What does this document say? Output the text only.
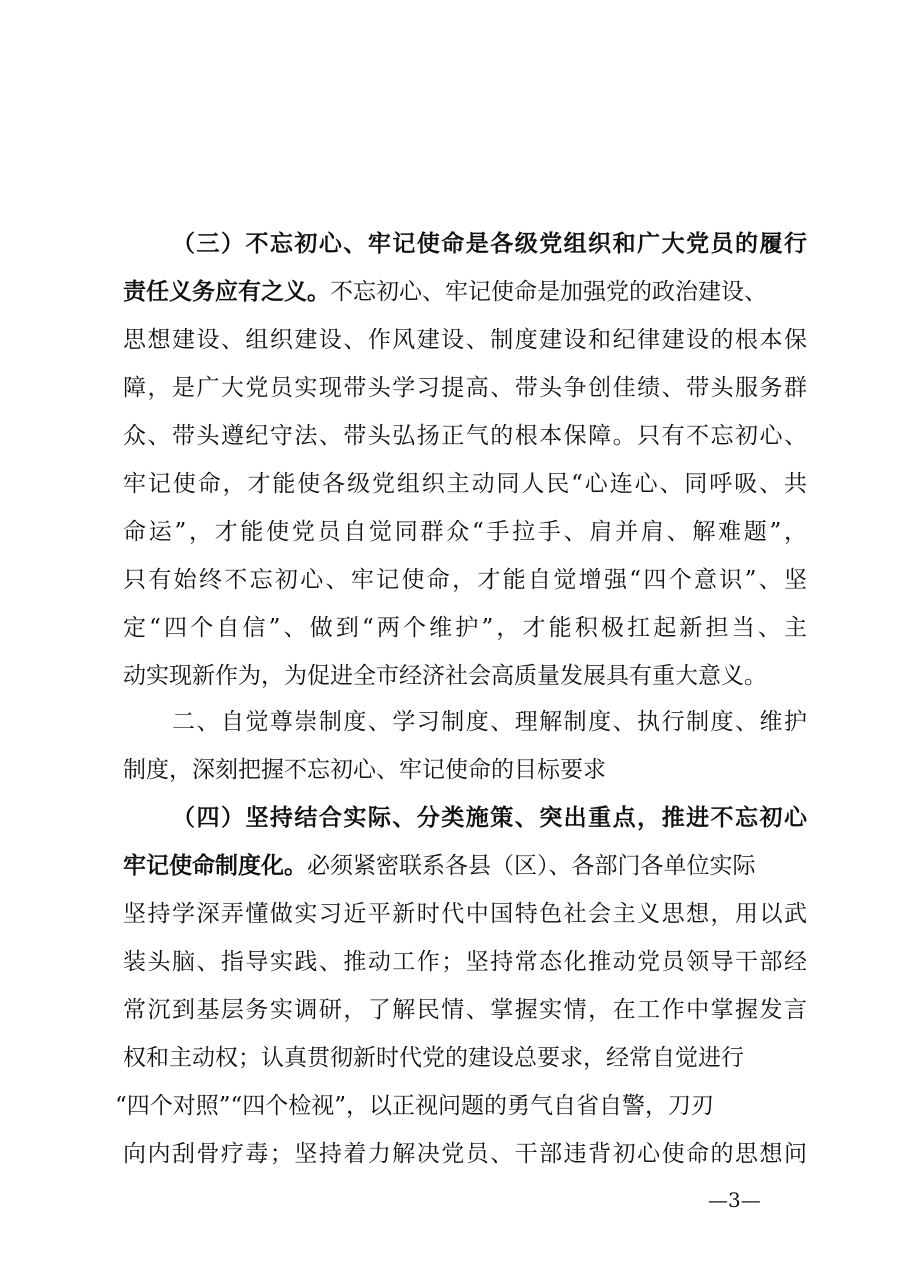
（三）不忘初心、牢记使命是各级党组织和广大党员的履行

责任义务应有之义。不忘初心、牢记使命是加强党的政治建设、

思想建设、组织建设、作风建设、制度建设和纪律建设的根本保

障，是广大党员实现带头学习提高、带头争创佳绩、带头服务群

众、带头遵纪守法、带头弘扬正气的根本保障。只有不忘初心、

牢记使命，才能使各级党组织主动同人民“心连心、同呼吸、共

命运”，才能使党员自觉同群众“手拉手、肩并肩、解难题”，

只有始终不忘初心、牢记使命，才能自觉增强“四个意识”、坚

定“四个自信”、做到“两个维护”，才能积极扛起新担当、主

动实现新作为，为促进全市经济社会高质量发展具有重大意义。

二、自觉尊崇制度、学习制度、理解制度、执行制度、维护

制度，深刻把握不忘初心、牢记使命的目标要求

（四）坚持结合实际、分类施策、突出重点，推进不忘初心

牢记使命制度化。必须紧密联系各县（区）、各部门各单位实际

坚持学深弄懂做实习近平新时代中国特色社会主义思想，用以武

装头脑、指导实践、推动工作；坚持常态化推动党员领导干部经

常沉到基层务实调研，了解民情、掌握实情，在工作中掌握发言

权和主动权；认真贯彻新时代党的建设总要求，经常自觉进行

“四个对照”“四个检视”，以正视问题的勇气自省自警，刀刃

向内刮骨疗毒；坚持着力解决党员、干部违背初心使命的思想问

—3—
